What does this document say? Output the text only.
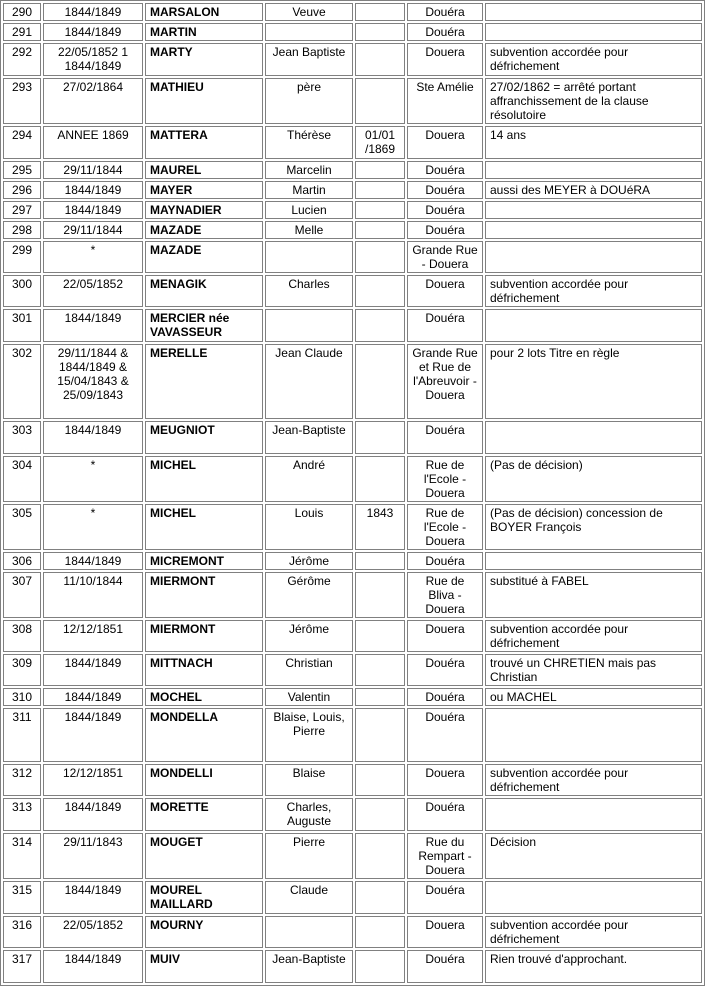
290	1844/1849	MARSALON	Veuve		Douéra	
291	1844/1849	MARTIN			Douéra	
292	22/05/1852 1 1844/1849	MARTY	Jean Baptiste		Douera	subvention accordée pour défrichement
293	27/02/1864	MATHIEU	père		Ste Amélie	27/02/1862 = arrêté portant affranchissement de la clause résolutoire
294	ANNEE 1869	MATTERA	Thérèse	01/01 /1869	Douera	14 ans
295	29/11/1844	MAUREL	Marcelin		Douéra	
296	1844/1849	MAYER	Martin		Douéra	aussi des MEYER à DOUéRA
297	1844/1849	MAYNADIER	Lucien		Douéra	
298	29/11/1844	MAZADE	Melle		Douéra	
299	*	MAZADE			Grande Rue - Douera	
300	22/05/1852	MENAGIK	Charles		Douera	subvention accordée pour défrichement
301	1844/1849	MERCIER née VAVASSEUR			Douéra	
302	29/11/1844 & 1844/1849 & 15/04/1843 & 25/09/1843	MERELLE	Jean Claude		Grande Rue et Rue de l'Abreuvoir - Douera	pour 2 lots Titre en règle
303	1844/1849	MEUGNIOT	Jean-Baptiste		Douéra	
304	*	MICHEL	André		Rue de l'Ecole - Douera	(Pas de décision)
305	*	MICHEL	Louis	1843	Rue de l'Ecole - Douera	(Pas de décision) concession de BOYER François
306	1844/1849	MICREMONT	Jérôme		Douéra	
307	11/10/1844	MIERMONT	Gérôme		Rue de Bliva - Douera	substitué à FABEL
308	12/12/1851	MIERMONT	Jérôme		Douera	subvention accordée pour défrichement
309	1844/1849	MITTNACH	Christian		Douéra	trouvé un CHRETIEN mais pas Christian
310	1844/1849	MOCHEL	Valentin		Douéra	ou MACHEL
311	1844/1849	MONDELLA	Blaise, Louis, Pierre		Douéra	
312	12/12/1851	MONDELLI	Blaise		Douera	subvention accordée pour défrichement
313	1844/1849	MORETTE	Charles, Auguste		Douéra	
314	29/11/1843	MOUGET	Pierre		Rue du Rempart - Douera	Décision
315	1844/1849	MOUREL MAILLARD	Claude		Douéra	
316	22/05/1852	MOURNY			Douera	subvention accordée pour défrichement
317	1844/1849	MUIV	Jean-Baptiste		Douéra	Rien trouvé d'approchant.
